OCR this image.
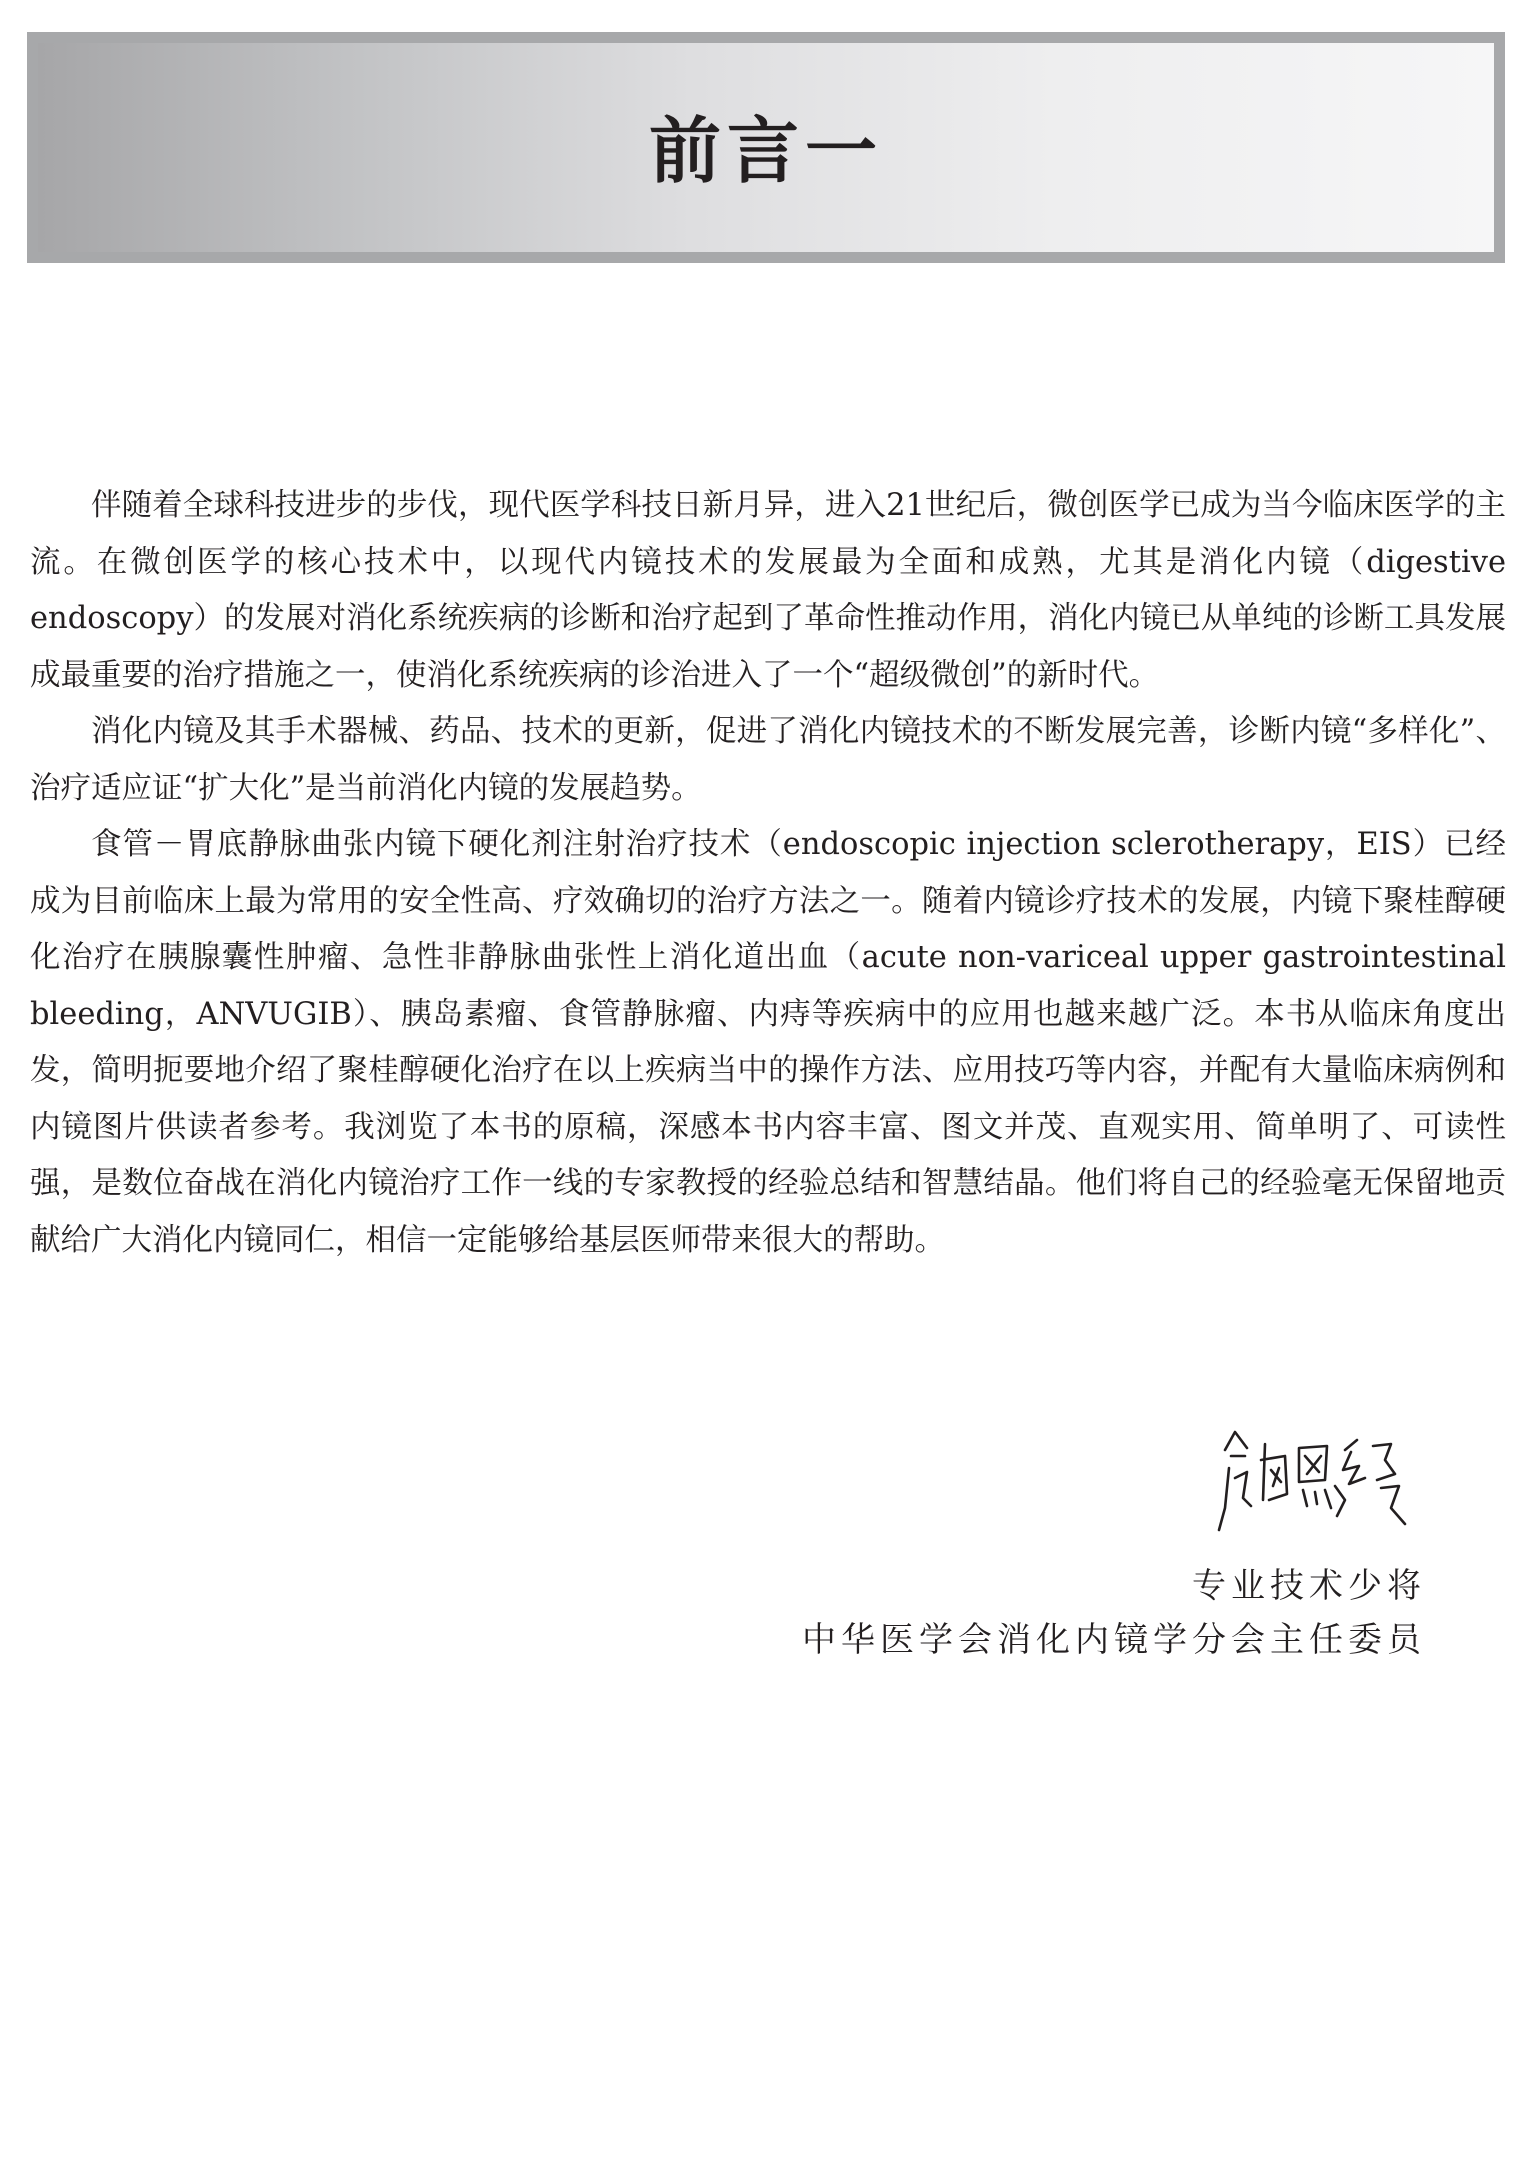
前言一

伴随着全球科技进步的步伐，现代医学科技日新月异，进入21世纪后，微创医学已成为当今临床医学的主流。在微创医学的核心技术中，以现代内镜技术的发展最为全面和成熟，尤其是消化内镜（digestive endoscopy）的发展对消化系统疾病的诊断和治疗起到了革命性推动作用，消化内镜已从单纯的诊断工具发展成最重要的治疗措施之一，使消化系统疾病的诊治进入了一个“超级微创”的新时代。

消化内镜及其手术器械、药品、技术的更新，促进了消化内镜技术的不断发展完善，诊断内镜“多样化”、治疗适应证“扩大化”是当前消化内镜的发展趋势。

食管－胃底静脉曲张内镜下硬化剂注射治疗技术（endoscopic injection sclerotherapy，EIS）已经成为目前临床上最为常用的安全性高、疗效确切的治疗方法之一。随着内镜诊疗技术的发展，内镜下聚桂醇硬化治疗在胰腺囊性肿瘤、急性非静脉曲张性上消化道出血（acute non-variceal upper gastrointestinal bleeding，ANVUGIB）、胰岛素瘤、食管静脉瘤、内痔等疾病中的应用也越来越广泛。本书从临床角度出发，简明扼要地介绍了聚桂醇硬化治疗在以上疾病当中的操作方法、应用技巧等内容，并配有大量临床病例和内镜图片供读者参考。我浏览了本书的原稿，深感本书内容丰富、图文并茂、直观实用、简单明了、可读性强，是数位奋战在消化内镜治疗工作一线的专家教授的经验总结和智慧结晶。他们将自己的经验毫无保留地贡献给广大消化内镜同仁，相信一定能够给基层医师带来很大的帮助。

专业技术少将
中华医学会消化内镜学分会主任委员
